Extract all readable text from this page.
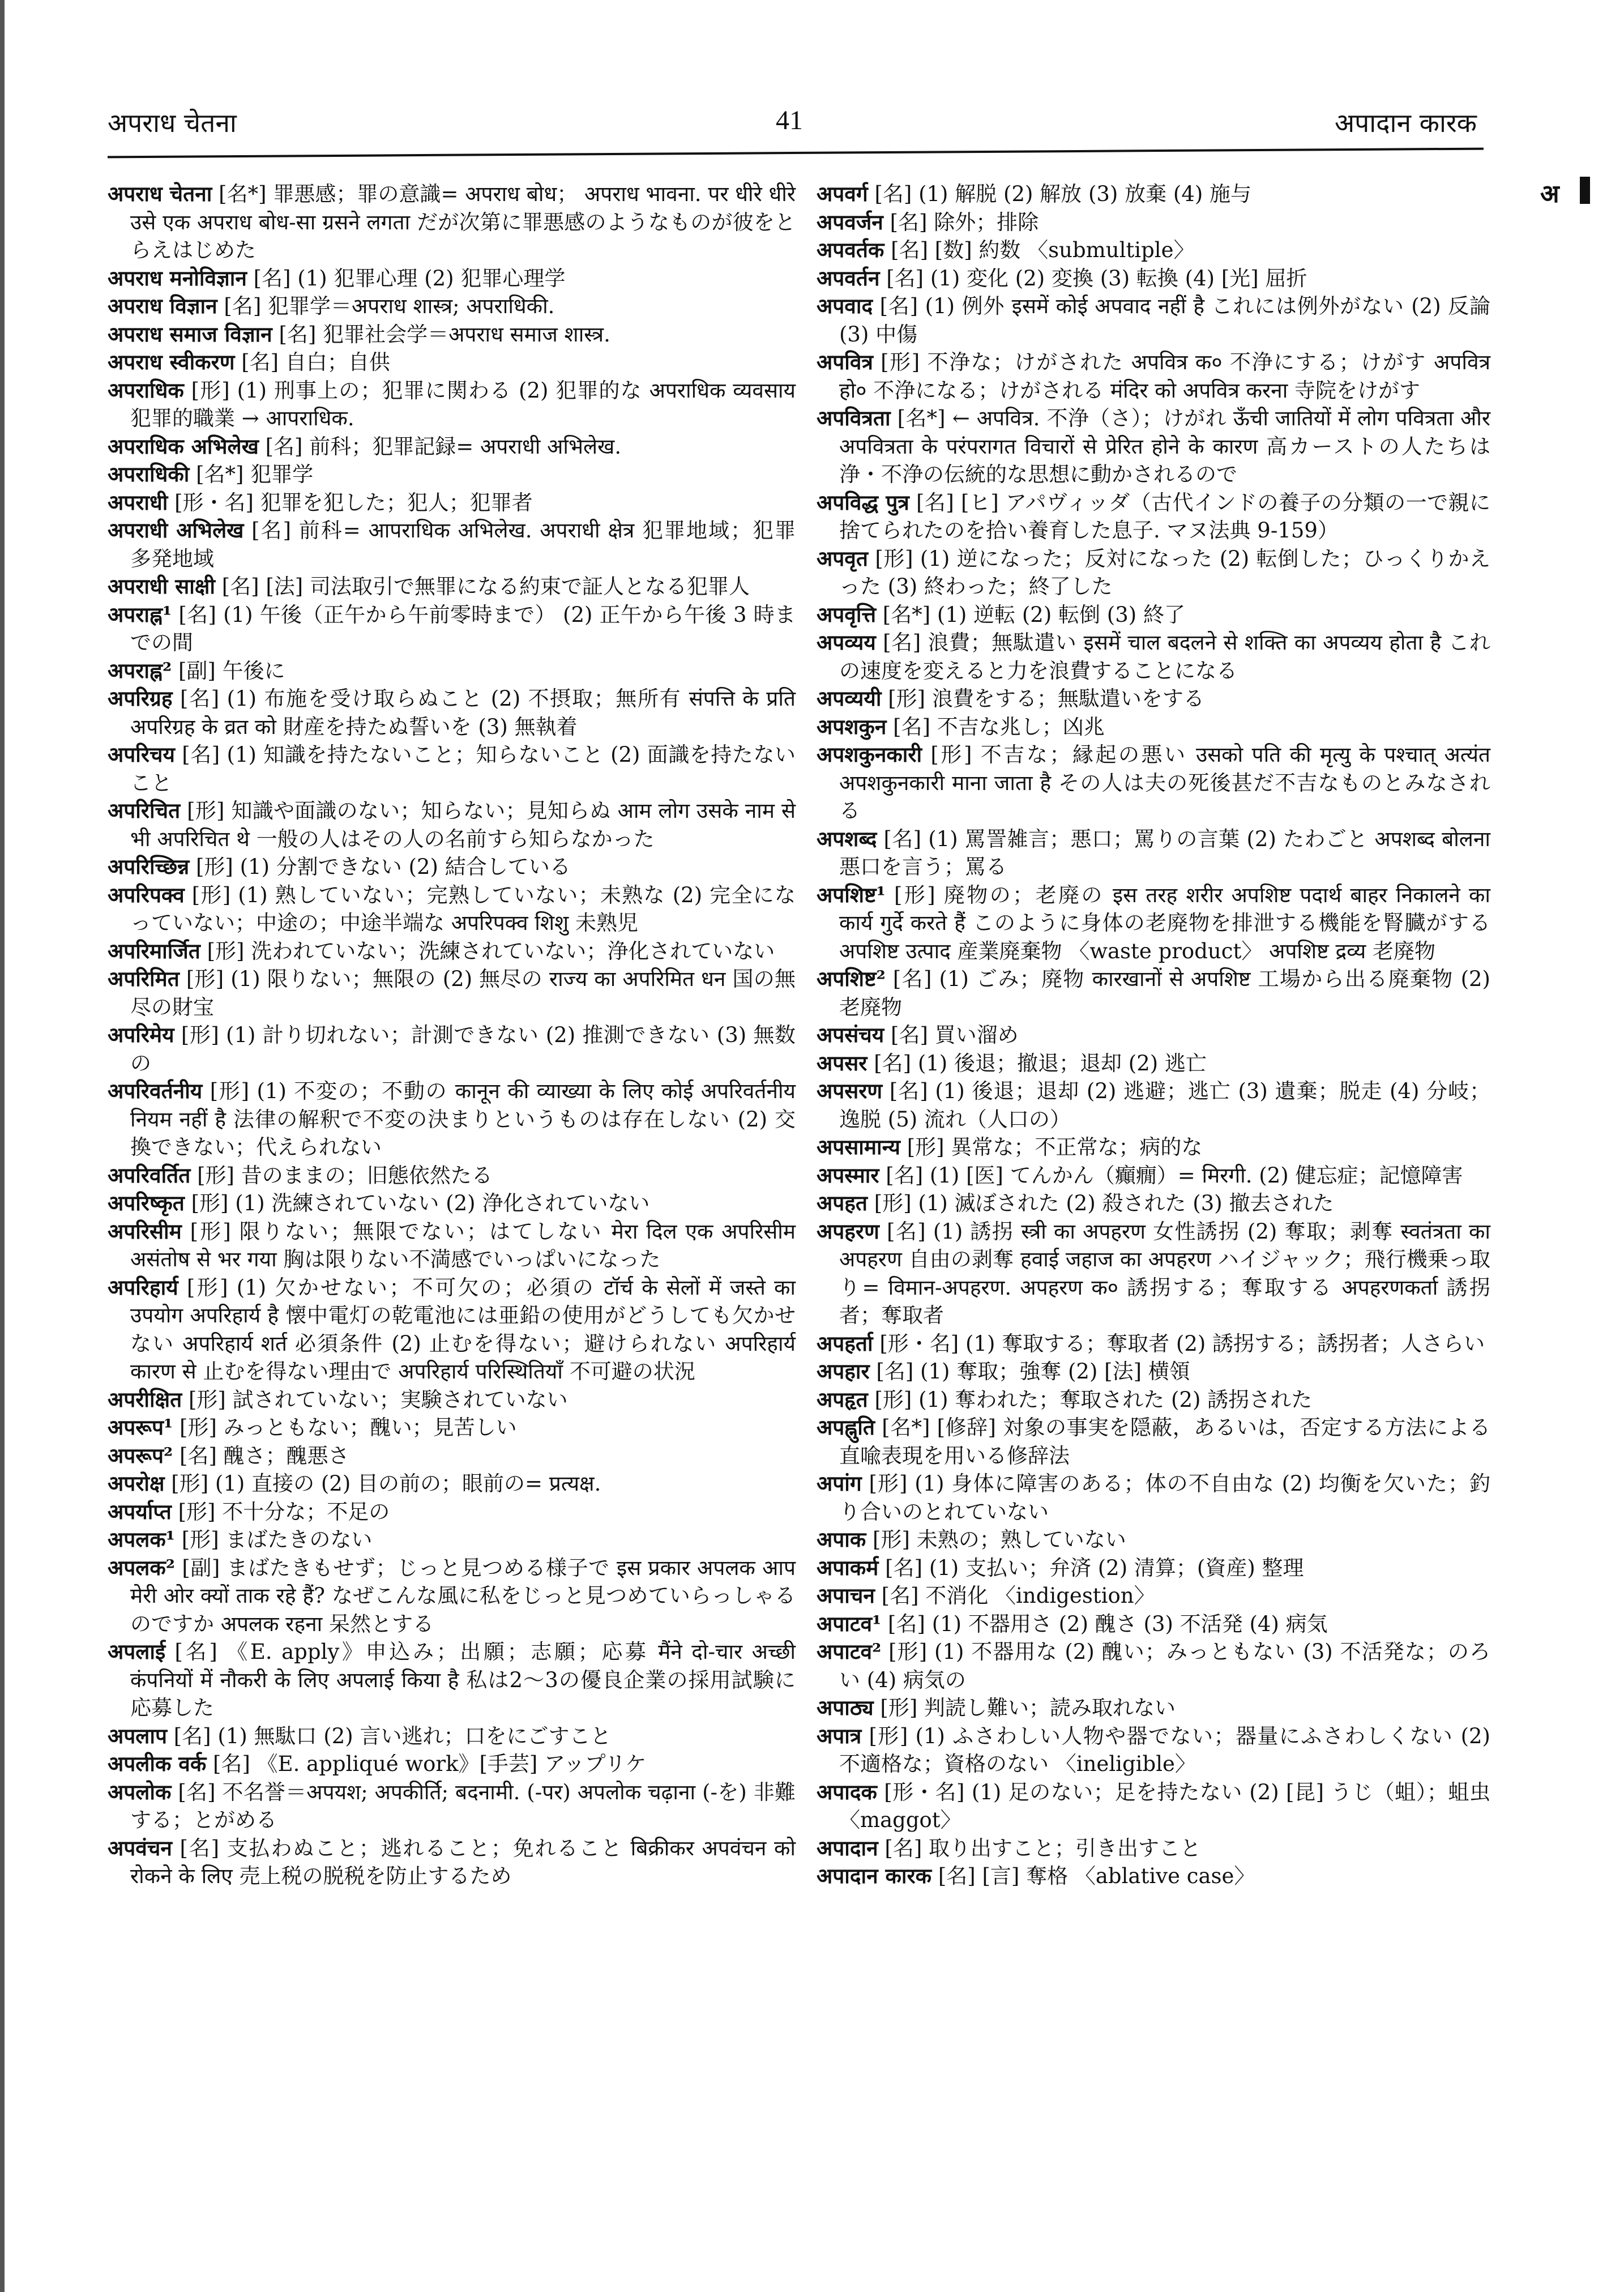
अपराध चेतना	41	अपादान कारक
अ

अपराध चेतना [名*] 罪悪感；罪の意識= अपराध बोध； अपराध भावना. पर धीरे धीरे उसे एक अपराध बोध-सा ग्रसने लगता だが次第に罪悪感のようなものが彼をとらえはじめた

अपराध मनोविज्ञान [名] (1) 犯罪心理 (2) 犯罪心理学

अपराध विज्ञान [名] 犯罪学＝अपराध शास्त्र; अपराधिकी.

अपराध समाज विज्ञान [名] 犯罪社会学＝अपराध समाज शास्त्र.

अपराध स्वीकरण [名] 自白；自供

अपराधिक [形] (1) 刑事上の；犯罪に関わる (2) 犯罪的な अपराधिक व्यवसाय 犯罪的職業 → आपराधिक.

अपराधिक अभिलेख [名] 前科；犯罪記録= अपराधी अभिलेख.

अपराधिकी [名*] 犯罪学

अपराधी [形・名] 犯罪を犯した；犯人；犯罪者

अपराधी अभिलेख [名] 前科= आपराधिक अभिलेख. अपराधी क्षेत्र 犯罪地域；犯罪多発地域

अपराधी साक्षी [名] [法] 司法取引で無罪になる約束で証人となる犯罪人

अपराह्न¹ [名] (1) 午後（正午から午前零時まで） (2) 正午から午後 3 時までの間

अपराह्न² [副] 午後に

अपरिग्रह [名] (1) 布施を受け取らぬこと (2) 不摂取；無所有 संपत्ति के प्रति अपरिग्रह के व्रत को 財産を持たぬ誓いを (3) 無執着

अपरिचय [名] (1) 知識を持たないこと；知らないこと (2) 面識を持たないこと

अपरिचित [形] 知識や面識のない；知らない；見知らぬ आम लोग उसके नाम से भी अपरिचित थे 一般の人はその人の名前すら知らなかった

अपरिच्छिन्न [形] (1) 分割できない (2) 結合している

अपरिपक्व [形] (1) 熟していない；完熟していない；未熟な (2) 完全になっていない；中途の；中途半端な अपरिपक्व शिशु 未熟児

अपरिमार्जित [形] 洗われていない；洗練されていない；浄化されていない

अपरिमित [形] (1) 限りない；無限の (2) 無尽の राज्य का अपरिमित धन 国の無尽の財宝

अपरिमेय [形] (1) 計り切れない；計測できない (2) 推測できない (3) 無数の

अपरिवर्तनीय [形] (1) 不変の；不動の कानून की व्याख्या के लिए कोई अपरिवर्तनीय नियम नहीं है 法律の解釈で不変の決まりというものは存在しない (2) 交換できない；代えられない

अपरिवर्तित [形] 昔のままの；旧態依然たる

अपरिष्कृत [形] (1) 洗練されていない (2) 浄化されていない

अपरिसीम [形] 限りない；無限でない；はてしない मेरा दिल एक अपरिसीम असंतोष से भर गया 胸は限りない不満感でいっぱいになった

अपरिहार्य [形] (1) 欠かせない；不可欠の；必須の टॉर्च के सेलों में जस्ते का उपयोग अपरिहार्य है 懐中電灯の乾電池には亜鉛の使用がどうしても欠かせない अपरिहार्य शर्त 必須条件 (2) 止むを得ない；避けられない अपरिहार्य कारण से 止むを得ない理由で अपरिहार्य परिस्थितियाँ 不可避の状況

अपरीक्षित [形] 試されていない；実験されていない

अपरूप¹ [形] みっともない；醜い；見苦しい

अपरूप² [名] 醜さ；醜悪さ

अपरोक्ष [形] (1) 直接の (2) 目の前の；眼前の= प्रत्यक्ष.

अपर्याप्त [形] 不十分な；不足の

अपलक¹ [形] まばたきのない

अपलक² [副] まばたきもせず；じっと見つめる様子で इस प्रकार अपलक आप मेरी ओर क्यों ताक रहे हैं? なぜこんな風に私をじっと見つめていらっしゃるのですか अपलक रहना 呆然とする

अपलाई [名] 《E. apply》申込み；出願；志願；応募 मैंने दो-चार अच्छी कंपनियों में नौकरी के लिए अपलाई किया है 私は2〜3の優良企業の採用試験に応募した

अपलाप [名] (1) 無駄口 (2) 言い逃れ；口をにごすこと

अपलीक वर्क [名] 《E. appliqué work》[手芸] アップリケ

अपलोक [名] 不名誉＝अपयश; अपकीर्ति; बदनामी. (-पर) अपलोक चढ़ाना (-を) 非難する；とがめる

अपवंचन [名] 支払わぬこと；逃れること；免れること बिक्रीकर अपवंचन को रोकने के लिए 売上税の脱税を防止するため

अपवर्ग [名] (1) 解脱 (2) 解放 (3) 放棄 (4) 施与

अपवर्जन [名] 除外；排除

अपवर्तक [名] [数] 約数 〈submultiple〉

अपवर्तन [名] (1) 変化 (2) 変換 (3) 転換 (4) [光] 屈折

अपवाद [名] (1) 例外 इसमें कोई अपवाद नहीं है これには例外がない (2) 反論 (3) 中傷

अपवित्र [形] 不浄な；けがされた अपवित्र क० 不浄にする；けがす अपवित्र हो० 不浄になる；けがされる मंदिर को अपवित्र करना 寺院をけがす

अपवित्रता [名*] ← अपवित्र. 不浄（さ）；けがれ ऊँची जातियों में लोग पवित्रता और अपवित्रता के परंपरागत विचारों से प्रेरित होने के कारण 高カーストの人たちは浄・不浄の伝統的な思想に動かされるので

अपविद्ध पुत्र [名] [ヒ] アパヴィッダ（古代インドの養子の分類の一で親に捨てられたのを拾い養育した息子. マヌ法典 9-159）

अपवृत [形] (1) 逆になった；反対になった (2) 転倒した；ひっくりかえった (3) 終わった；終了した

अपवृत्ति [名*] (1) 逆転 (2) 転倒 (3) 終了

अपव्यय [名] 浪費；無駄遣い इसमें चाल बदलने से शक्ति का अपव्यय होता है これの速度を変えると力を浪費することになる

अपव्ययी [形] 浪費をする；無駄遣いをする

अपशकुन [名] 不吉な兆し；凶兆

अपशकुनकारी [形] 不吉な；縁起の悪い उसको पति की मृत्यु के पश्चात् अत्यंत अपशकुनकारी माना जाता है その人は夫の死後甚だ不吉なものとみなされる

अपशब्द [名] (1) 罵詈雑言；悪口；罵りの言葉 (2) たわごと अपशब्द बोलना 悪口を言う；罵る

अपशिष्ट¹ [形] 廃物の；老廃の इस तरह शरीर अपशिष्ट पदार्थ बाहर निकालने का कार्य गुर्दे करते हैं このように身体の老廃物を排泄する機能を腎臓がする अपशिष्ट उत्पाद 産業廃棄物 〈waste product〉 अपशिष्ट द्रव्य 老廃物

अपशिष्ट² [名] (1) ごみ；廃物 कारखानों से अपशिष्ट 工場から出る廃棄物 (2) 老廃物

अपसंचय [名] 買い溜め

अपसर [名] (1) 後退；撤退；退却 (2) 逃亡

अपसरण [名] (1) 後退；退却 (2) 逃避；逃亡 (3) 遺棄；脱走 (4) 分岐；逸脱 (5) 流れ（人口の）

अपसामान्य [形] 異常な；不正常な；病的な

अपस्मार [名] (1) [医] てんかん（癲癇）= मिरगी. (2) 健忘症；記憶障害

अपहत [形] (1) 滅ぼされた (2) 殺された (3) 撤去された

अपहरण [名] (1) 誘拐 स्त्री का अपहरण 女性誘拐 (2) 奪取；剥奪 स्वतंत्रता का अपहरण 自由の剥奪 हवाई जहाज का अपहरण ハイジャック；飛行機乗っ取り= विमान-अपहरण. अपहरण क० 誘拐する；奪取する अपहरणकर्ता 誘拐者；奪取者

अपहर्ता [形・名] (1) 奪取する；奪取者 (2) 誘拐する；誘拐者；人さらい

अपहार [名] (1) 奪取；強奪 (2) [法] 横領

अपहृत [形] (1) 奪われた；奪取された (2) 誘拐された

अपह्नुति [名*] [修辞] 対象の事実を隠蔽，あるいは，否定する方法による直喩表現を用いる修辞法

अपांग [形] (1) 身体に障害のある；体の不自由な (2) 均衡を欠いた；釣り合いのとれていない

अपाक [形] 未熟の；熟していない

अपाकर्म [名] (1) 支払い；弁済 (2) 清算；(資産) 整理

अपाचन [名] 不消化 〈indigestion〉

अपाटव¹ [名] (1) 不器用さ (2) 醜さ (3) 不活発 (4) 病気

अपाटव² [形] (1) 不器用な (2) 醜い；みっともない (3) 不活発な；のろい (4) 病気の

अपाठ्य [形] 判読し難い；読み取れない

अपात्र [形] (1) ふさわしい人物や器でない；器量にふさわしくない (2) 不適格な；資格のない 〈ineligible〉

अपादक [形・名] (1) 足のない；足を持たない (2) [昆] うじ（蛆）；蛆虫 〈maggot〉

अपादान [名] 取り出すこと；引き出すこと

अपादान कारक [名] [言] 奪格 〈ablative case〉
